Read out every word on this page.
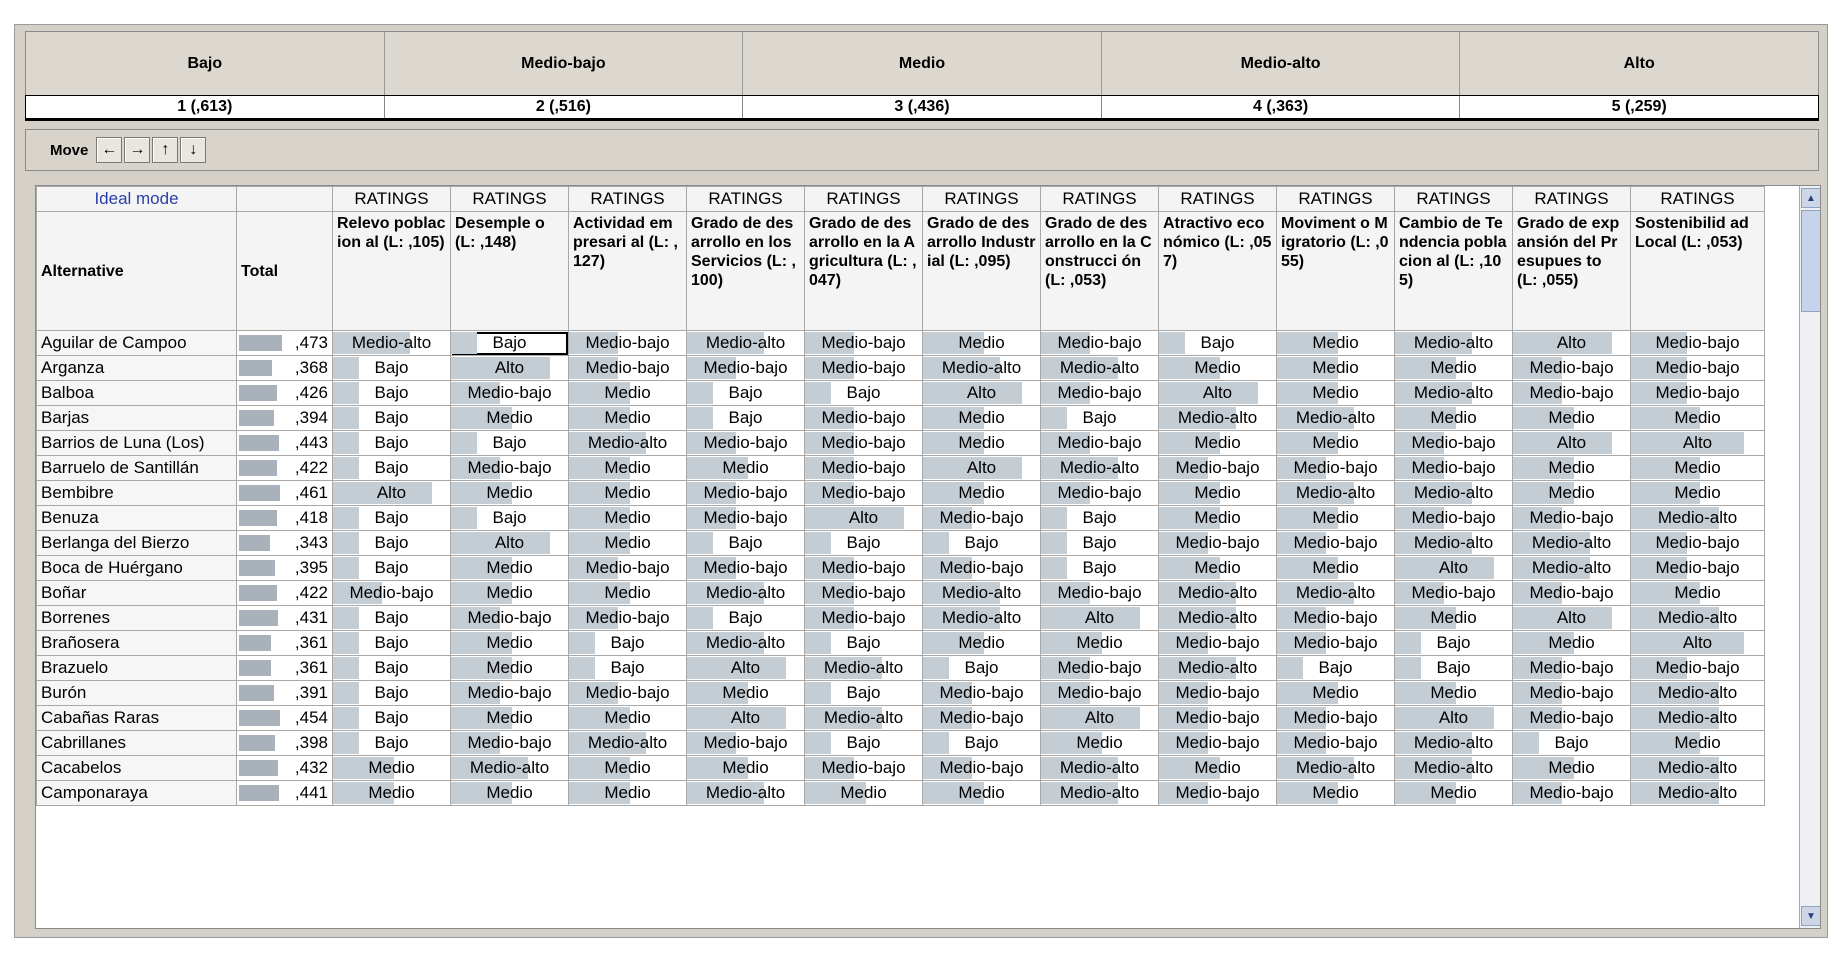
Bajo	Medio-bajo	Medio	Medio-alto	Alto
1 (,613)	2 (,516)	3 (,436)	4 (,363)	5 (,259)
Move ← →	↑	↓
Ideal mode		RATINGS	RATINGS	RATINGS	RATINGS	RATINGS	RATINGS	RATINGS	RATINGS	RATINGS	RATINGS	RATINGS	RATINGS
Alternative	Total	Relevo poblacion al (L: ,105)	Desemple o (L: ,148)	Actividad empresari al (L: ,127)	Grado de desarrollo en los Servicios (L: ,100)	Grado de desarrollo en la Agricultura (L: ,047)	Grado de desarrollo Industrial (L: ,095)	Grado de desarrollo en la Construcci ón (L: ,053)	Atractivo económico (L: ,057)	Moviment o Migratorio (L: ,055)	Cambio de Tendencia poblacion al (L: ,105)	Grado de expansión del Presupues to (L: ,055)	Sostenibilid ad Local (L: ,053)
Aguilar de Campoo	,473	Medio-alto	Bajo	Medio-bajo	Medio-alto	Medio-bajo	Medio	Medio-bajo	Bajo	Medio	Medio-alto	Alto	Medio-bajo
Arganza	,368	Bajo	Alto	Medio-bajo	Medio-bajo	Medio-bajo	Medio-alto	Medio-alto	Medio	Medio	Medio	Medio-bajo	Medio-bajo
Balboa	,426	Bajo	Medio-bajo	Medio	Bajo	Bajo	Alto	Medio-bajo	Alto	Medio	Medio-alto	Medio-bajo	Medio-bajo
Barjas	,394	Bajo	Medio	Medio	Bajo	Medio-bajo	Medio	Bajo	Medio-alto	Medio-alto	Medio	Medio	Medio
Barrios de Luna (Los)	,443	Bajo	Bajo	Medio-alto	Medio-bajo	Medio-bajo	Medio	Medio-bajo	Medio	Medio	Medio-bajo	Alto	Alto
Barruelo de Santillán	,422	Bajo	Medio-bajo	Medio	Medio	Medio-bajo	Alto	Medio-alto	Medio-bajo	Medio-bajo	Medio-bajo	Medio	Medio
Bembibre	,461	Alto	Medio	Medio	Medio-bajo	Medio-bajo	Medio	Medio-bajo	Medio	Medio-alto	Medio-alto	Medio	Medio
Benuza	,418	Bajo	Bajo	Medio	Medio-bajo	Alto	Medio-bajo	Bajo	Medio	Medio	Medio-bajo	Medio-bajo	Medio-alto
Berlanga del Bierzo	,343	Bajo	Alto	Medio	Bajo	Bajo	Bajo	Bajo	Medio-bajo	Medio-bajo	Medio-alto	Medio-alto	Medio-bajo
Boca de Huérgano	,395	Bajo	Medio	Medio-bajo	Medio-bajo	Medio-bajo	Medio-bajo	Bajo	Medio	Medio	Alto	Medio-alto	Medio-bajo
Boñar	,422	Medio-bajo	Medio	Medio	Medio-alto	Medio-bajo	Medio-alto	Medio-bajo	Medio-alto	Medio-alto	Medio-bajo	Medio-bajo	Medio
Borrenes	,431	Bajo	Medio-bajo	Medio-bajo	Bajo	Medio-bajo	Medio-alto	Alto	Medio-alto	Medio-bajo	Medio	Alto	Medio-alto
Brañosera	,361	Bajo	Medio	Bajo	Medio-alto	Bajo	Medio	Medio	Medio-bajo	Medio-bajo	Bajo	Medio	Alto
Brazuelo	,361	Bajo	Medio	Bajo	Alto	Medio-alto	Bajo	Medio-bajo	Medio-alto	Bajo	Bajo	Medio-bajo	Medio-bajo
Burón	,391	Bajo	Medio-bajo	Medio-bajo	Medio	Bajo	Medio-bajo	Medio-bajo	Medio-bajo	Medio	Medio	Medio-bajo	Medio-alto
Cabañas Raras	,454	Bajo	Medio	Medio	Alto	Medio-alto	Medio-bajo	Alto	Medio-bajo	Medio-bajo	Alto	Medio-bajo	Medio-alto
Cabrillanes	,398	Bajo	Medio-bajo	Medio-alto	Medio-bajo	Bajo	Bajo	Medio	Medio-bajo	Medio-bajo	Medio-alto	Bajo	Medio
Cacabelos	,432	Medio	Medio-alto	Medio	Medio	Medio-bajo	Medio-bajo	Medio-alto	Medio	Medio-alto	Medio-alto	Medio	Medio-alto
Camponaraya	,441	Medio	Medio	Medio	Medio-alto	Medio	Medio	Medio-alto	Medio-bajo	Medio	Medio	Medio-bajo	Medio-alto
▲
▼
